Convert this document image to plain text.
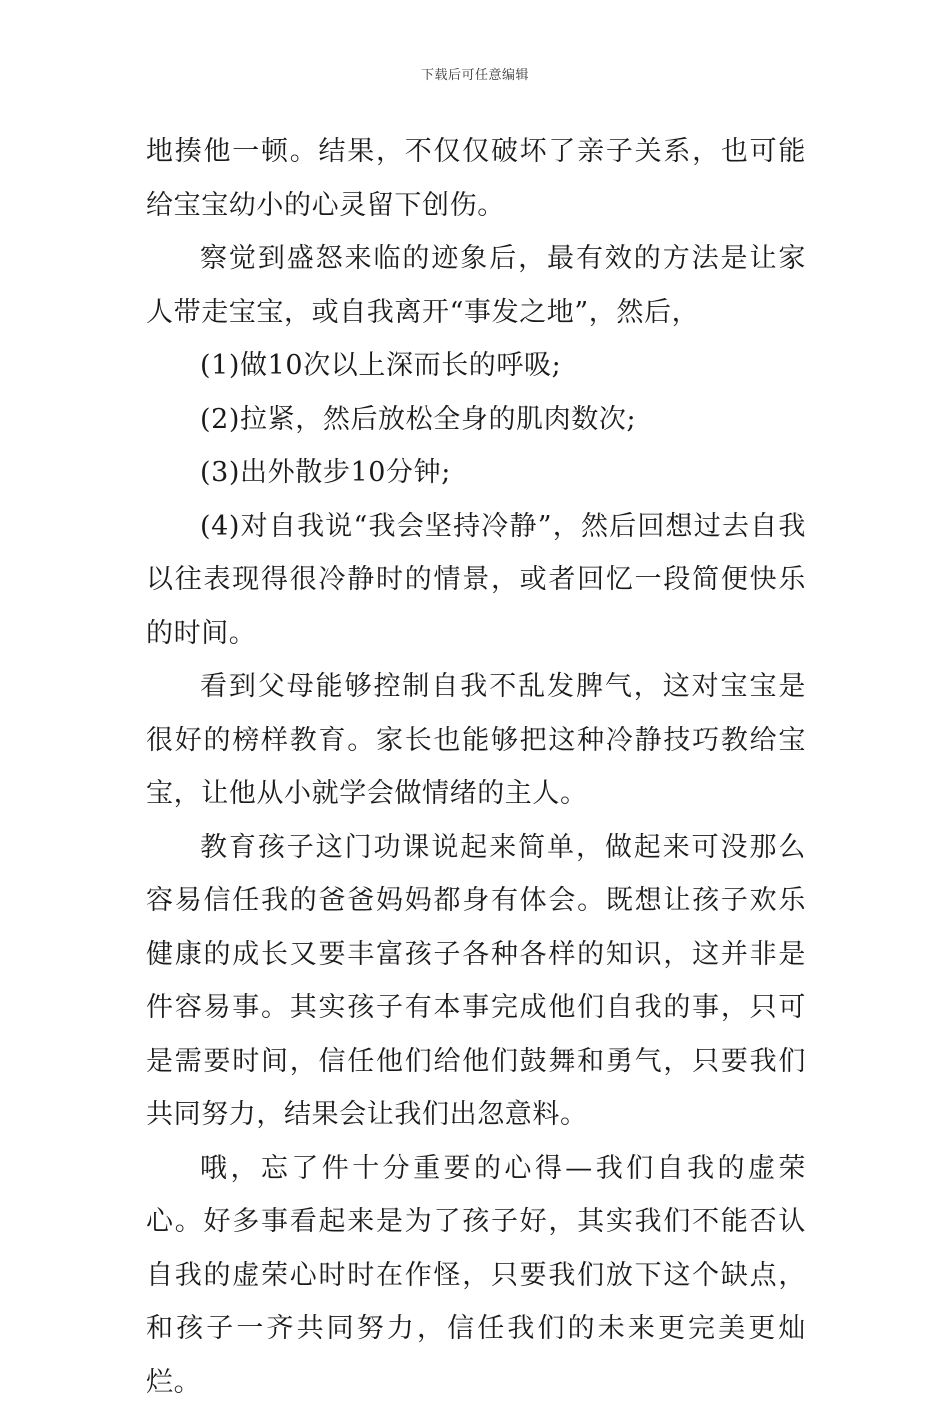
下载后可任意编辑

地揍他一顿。结果，不仅仅破坏了亲子关系，也可能给宝宝幼小的心灵留下创伤。

察觉到盛怒来临的迹象后，最有效的方法是让家人带走宝宝，或自我离开“事发之地”，然后，

(1)做10次以上深而长的呼吸;

(2)拉紧，然后放松全身的肌肉数次;

(3)出外散步10分钟;

(4)对自我说“我会坚持冷静”，然后回想过去自我以往表现得很冷静时的情景，或者回忆一段简便快乐的时间。

看到父母能够控制自我不乱发脾气，这对宝宝是很好的榜样教育。家长也能够把这种冷静技巧教给宝宝，让他从小就学会做情绪的主人。

教育孩子这门功课说起来简单，做起来可没那么容易信任我的爸爸妈妈都身有体会。既想让孩子欢乐健康的成长又要丰富孩子各种各样的知识，这并非是件容易事。其实孩子有本事完成他们自我的事，只可是需要时间，信任他们给他们鼓舞和勇气，只要我们共同努力，结果会让我们出忽意料。

哦，忘了件十分重要的心得—我们自我的虚荣心。好多事看起来是为了孩子好，其实我们不能否认自我的虚荣心时时在作怪，只要我们放下这个缺点，和孩子一齐共同努力，信任我们的未来更完美更灿烂。
